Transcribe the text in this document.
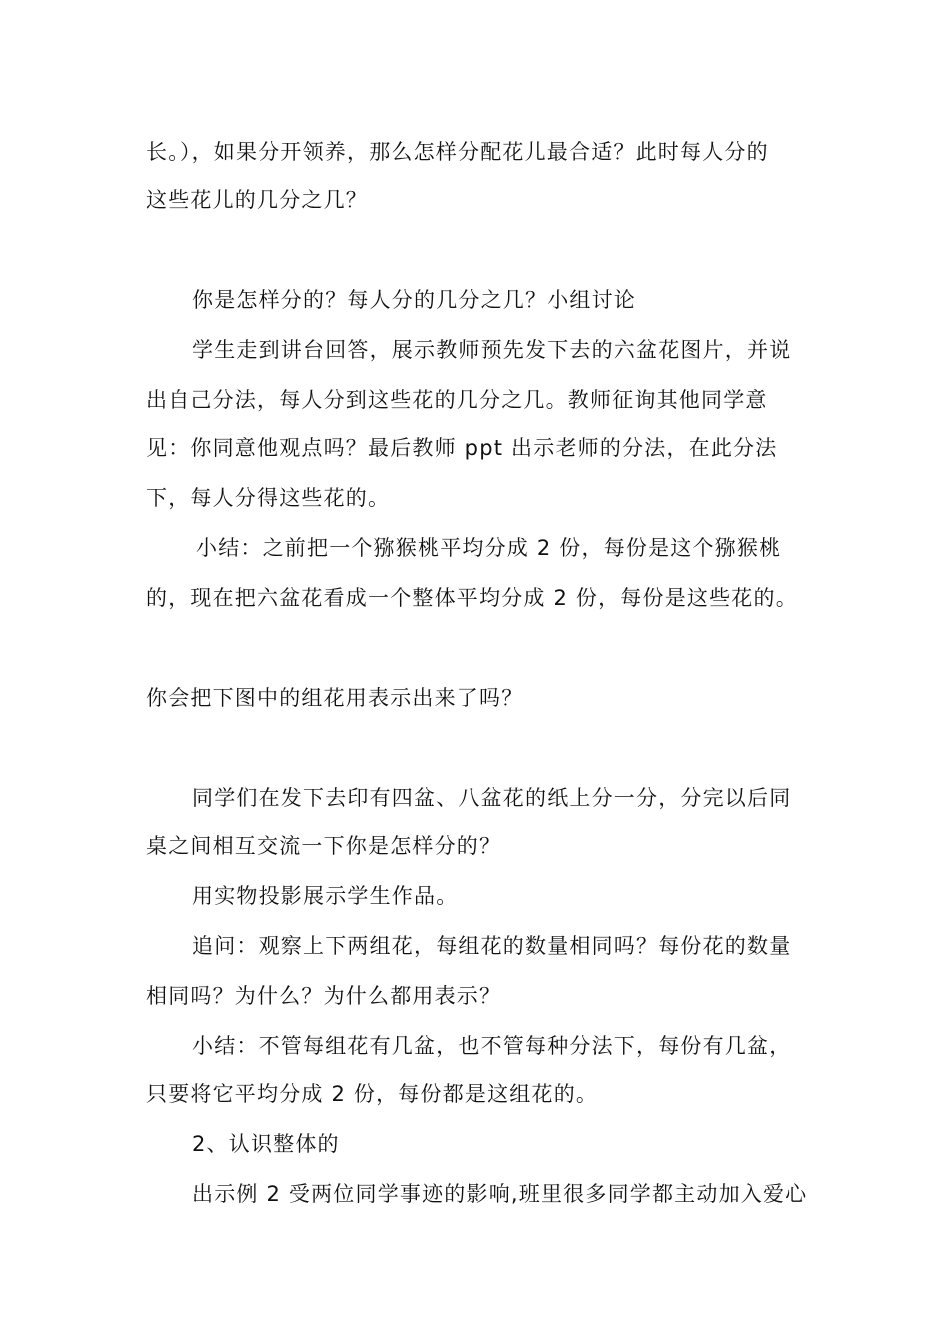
长。），如果分开领养，那么怎样分配花儿最合适？此时每人分的
这些花儿的几分之几？
你是怎样分的？每人分的几分之几？小组讨论
学生走到讲台回答，展示教师预先发下去的六盆花图片，并说
出自己分法，每人分到这些花的几分之几。教师征询其他同学意
见：你同意他观点吗？最后教师 ppt 出示老师的分法，在此分法
下，每人分得这些花的。
小结：之前把一个猕猴桃平均分成 2 份，每份是这个猕猴桃
的，现在把六盆花看成一个整体平均分成 2 份，每份是这些花的。
你会把下图中的组花用表示出来了吗？
同学们在发下去印有四盆、八盆花的纸上分一分，分完以后同
桌之间相互交流一下你是怎样分的？
用实物投影展示学生作品。
追问：观察上下两组花，每组花的数量相同吗？每份花的数量
相同吗？为什么？为什么都用表示？
小结：不管每组花有几盆，也不管每种分法下，每份有几盆，
只要将它平均分成 2 份，每份都是这组花的。
2、认识整体的
出示例 2 受两位同学事迹的影响,班里很多同学都主动加入爱心
